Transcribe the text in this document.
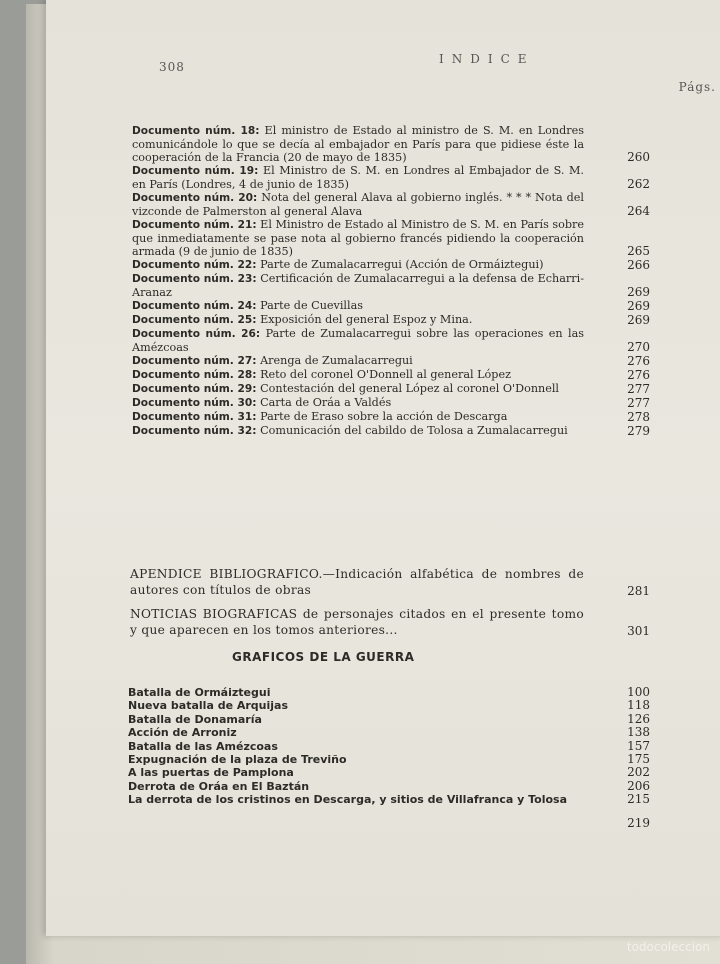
308
INDICE
Págs.

Documento núm. 18: El ministro de Estado al ministro de S. M. en Londres comunicándole lo que se decía al embajador en París para que pidiese éste la cooperación de la Francia (20 de mayo de 1835)	260

Documento núm. 19: El Ministro de S. M. en Londres al Embajador de S. M. en París (Londres, 4 de junio de 1835)	262

Documento núm. 20: Nota del general Alava al gobierno inglés. * * * Nota del vizconde de Palmerston al general Alava	264

Documento núm. 21: El Ministro de Estado al Ministro de S. M. en París sobre que inmediatamente se pase nota al gobierno francés pidiendo la cooperación armada (9 de junio de 1835)	265

Documento núm. 22: Parte de Zumalacarregui (Acción de Ormáiztegui)	266

Documento núm. 23: Certificación de Zumalacarregui a la defensa de Echarri-Aranaz	269

Documento núm. 24: Parte de Cuevillas	269

Documento núm. 25: Exposición del general Espoz y Mina.	269

Documento núm. 26: Parte de Zumalacarregui sobre las operaciones en las Amézcoas	270

Documento núm. 27: Arenga de Zumalacarregui	276

Documento núm. 28: Reto del coronel O'Donnell al general López	276

Documento núm. 29: Contestación del general López al coronel O'Donnell	277

Documento núm. 30: Carta de Oráa a Valdés	277

Documento núm. 31: Parte de Eraso sobre la acción de Descarga	278

Documento núm. 32: Comunicación del cabildo de Tolosa a Zumalacarregui	279

APENDICE BIBLIOGRAFICO.—Indicación alfabética de nombres de autores con títulos de obras	281

NOTICIAS BIOGRAFICAS de personajes citados en el presente tomo y que aparecen en los tomos anteriores...	301
GRAFICOS DE LA GUERRA
Batalla de Ormáiztegui	100
Nueva batalla de Arquijas	118
Batalla de Donamaría	126
Acción de Arroniz	138
Batalla de las Amézcoas	157
Expugnación de la plaza de Treviño	175
A las puertas de Pamplona	202
Derrota de Oráa en El Baztán	206
La derrota de los cristinos en Descarga, y sitios de Villafranca y Tolosa	215
219
todocoleccion
